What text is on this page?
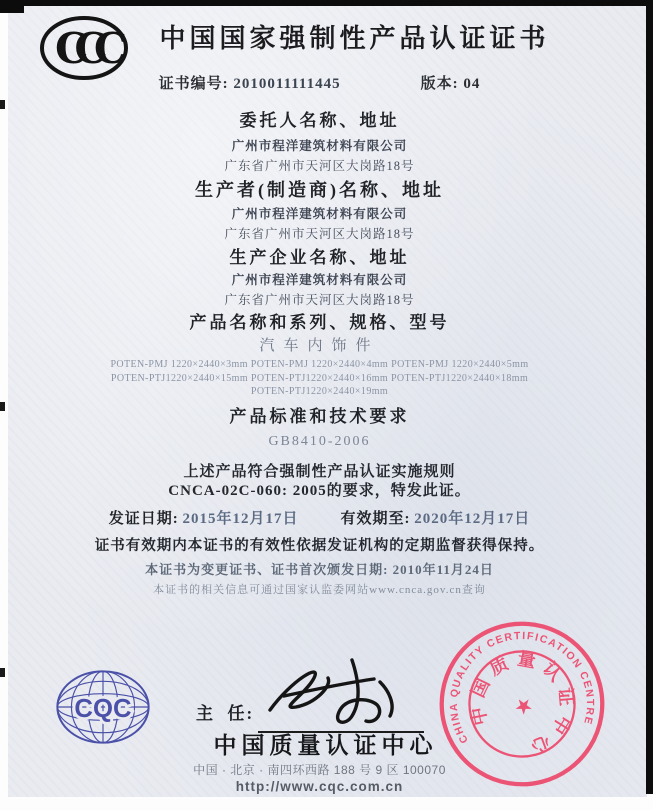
CCC	中国国家强制性产品认证证书
证书编号: 2010011111445	版本: 04
委托人名称、地址
广州市程洋建筑材料有限公司
广东省广州市天河区大岗路18号
生产者(制造商)名称、地址
广州市程洋建筑材料有限公司
广东省广州市天河区大岗路18号
生产企业名称、地址
广州市程洋建筑材料有限公司
广东省广州市天河区大岗路18号
产品名称和系列、规格、型号
汽车内饰件
POTEN-PMJ 1220×2440×3mm POTEN-PMJ 1220×2440×4mm POTEN-PMJ 1220×2440×5mm POTEN-PTJ1220×2440×15mm POTEN-PTJ1220×2440×16mm POTEN-PTJ1220×2440×18mm POTEN-PTJ1220×2440×19mm
产品标准和技术要求
GB8410-2006
上述产品符合强制性产品认证实施规则
CNCA-02C-060: 2005的要求，特发此证。
发证日期: 2015年12月17日	有效期至: 2020年12月17日
证书有效期内本证书的有效性依据发证机构的定期监督获得保持。
本证书为变更证书、证书首次颁发日期: 2010年11月24日
本证书的相关信息可通过国家认监委网站www.cnca.gov.cn查询
CQC	主  任:
中国质量认证中心	CHINA QUALITY CERTIFICATION CENTRE
中国质量认证中心
★
中国 · 北京 · 南四环西路 188 号 9 区 100070
http://www.cqc.com.cn
